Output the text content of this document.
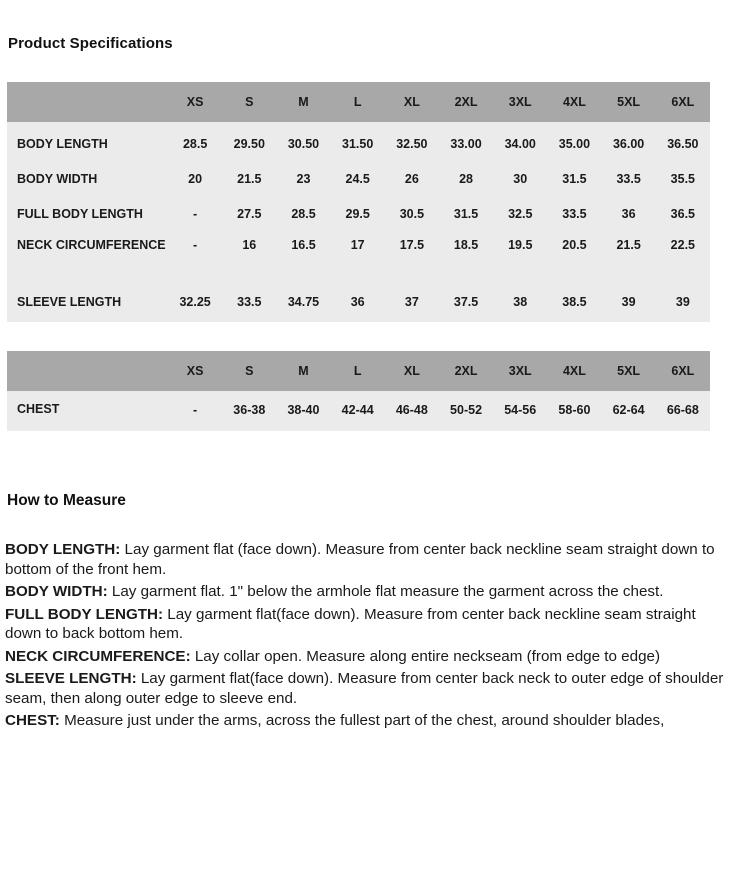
Product Specifications
	XS	S	M	L	XL	2XL	3XL	4XL	5XL	6XL
BODY LENGTH	28.5	29.50	30.50	31.50	32.50	33.00	34.00	35.00	36.00	36.50
BODY WIDTH	20	21.5	23	24.5	26	28	30	31.5	33.5	35.5
FULL BODY LENGTH	-	27.5	28.5	29.5	30.5	31.5	32.5	33.5	36	36.5
NECK CIRCUMFERENCE	-	16	16.5	17	17.5	18.5	19.5	20.5	21.5	22.5
SLEEVE LENGTH	32.25	33.5	34.75	36	37	37.5	38	38.5	39	39
	XS	S	M	L	XL	2XL	3XL	4XL	5XL	6XL
CHEST	-	36-38	38-40	42-44	46-48	50-52	54-56	58-60	62-64	66-68
How to Measure

BODY LENGTH: Lay garment flat (face down). Measure from center back neckline seam straight down to bottom of the front hem.

BODY WIDTH: Lay garment flat. 1" below the armhole flat measure the garment across the chest.

FULL BODY LENGTH: Lay garment flat(face down). Measure from center back neckline seam straight down to back bottom hem.

NECK CIRCUMFERENCE: Lay collar open. Measure along entire neckseam (from edge to edge)

SLEEVE LENGTH: Lay garment flat(face down). Measure from center back neck to outer edge of shoulder seam, then along outer edge to sleeve end.

CHEST: Measure just under the arms, across the fullest part of the chest, around shoulder blades,
